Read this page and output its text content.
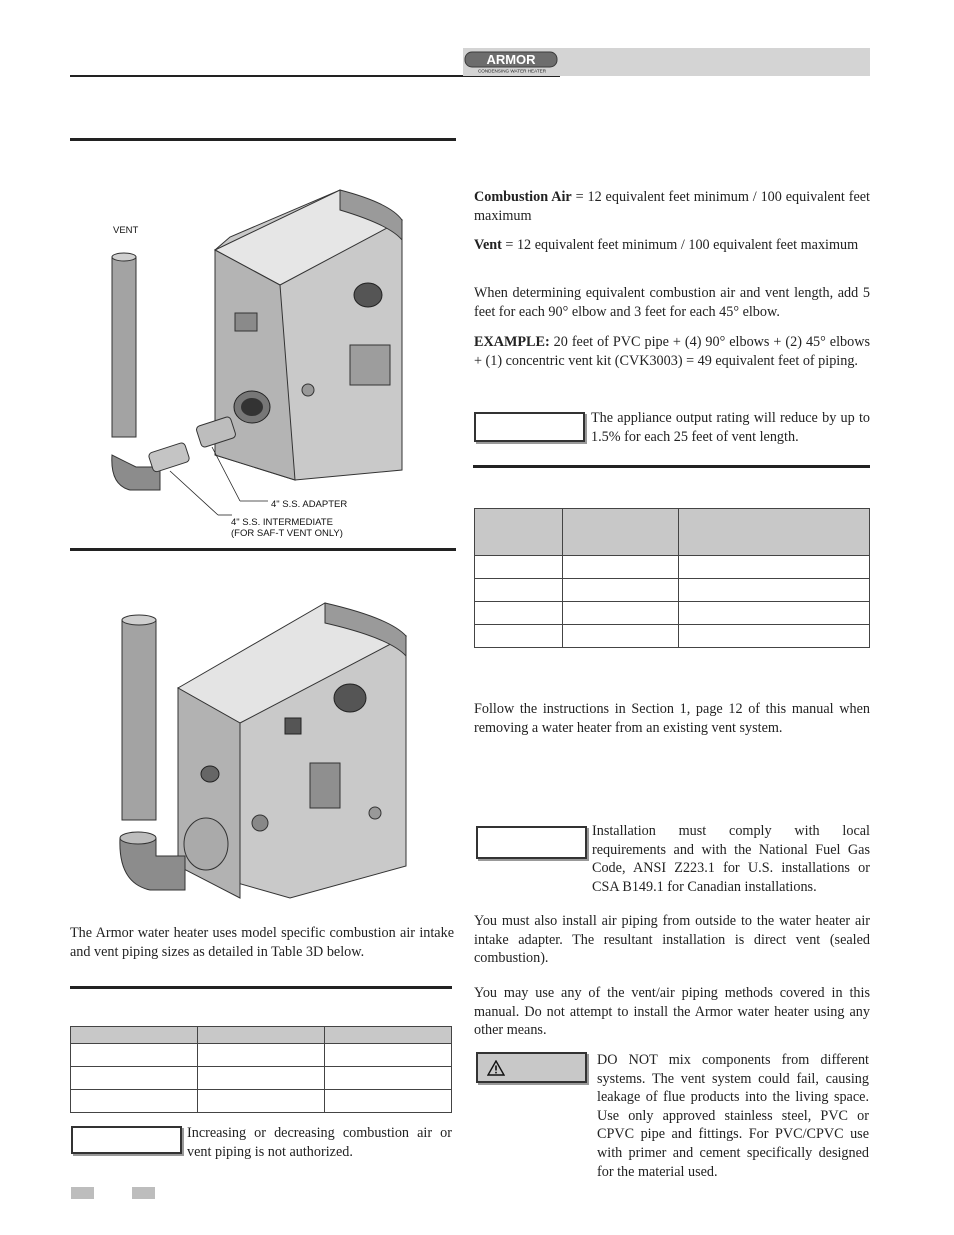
ARMOR
CONDENSING WATER HEATER
VENT
4" S.S. ADAPTER
4" S.S. INTERMEDIATE
(FOR SAF-T VENT ONLY)

The Armor water heater uses model specific combustion air intake and vent piping sizes as detailed in Table 3D below.

Increasing or decreasing combustion air or vent piping is not authorized.

Combustion Air = 12 equivalent feet minimum / 100 equivalent feet maximum

Vent = 12 equivalent feet minimum / 100 equivalent feet maximum

When determining equivalent combustion air and vent length, add 5 feet for each 90° elbow and 3 feet for each 45° elbow.

EXAMPLE: 20 feet of PVC pipe + (4) 90° elbows + (2) 45° elbows + (1) concentric vent kit (CVK3003) = 49 equivalent feet of piping.

The appliance output rating will reduce by up to 1.5% for each 25 feet of vent length.

Follow the instructions in Section 1, page 12 of this manual when removing a water heater from an existing vent system.

Installation must comply with local requirements and with the National Fuel Gas Code, ANSI Z223.1 for U.S. installations or CSA B149.1 for Canadian installations.

You must also install air piping from outside to the water heater air intake adapter. The resultant installation is direct vent (sealed combustion).

You may use any of the vent/air piping methods covered in this manual. Do not attempt to install the Armor water heater using any other means.

DO NOT mix components from different systems. The vent system could fail, causing leakage of flue products into the living space. Use only approved stainless steel, PVC or CPVC pipe and fittings. For PVC/CPVC use with primer and cement specifically designed for the material used.
